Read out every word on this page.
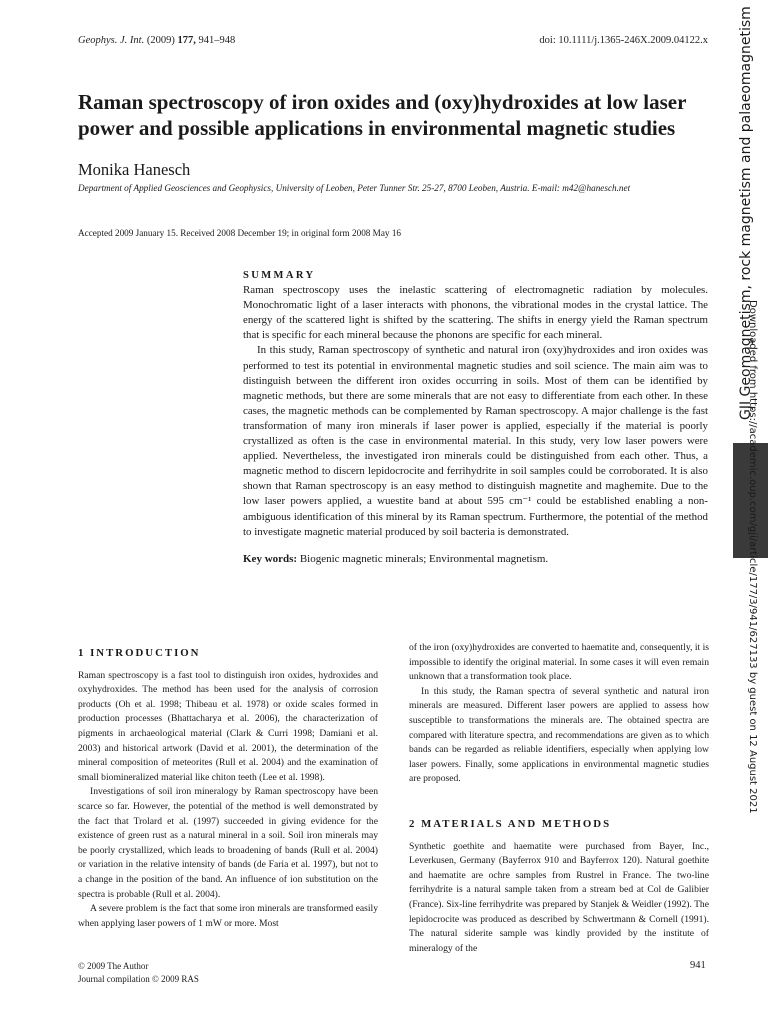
Geophys. J. Int. (2009) 177, 941–948	doi: 10.1111/j.1365-246X.2009.04122.x
Raman spectroscopy of iron oxides and (oxy)hydroxides at low laser power and possible applications in environmental magnetic studies
Monika Hanesch
Department of Applied Geosciences and Geophysics, University of Leoben, Peter Tunner Str. 25-27, 8700 Leoben, Austria. E-mail: m42@hanesch.net
Accepted 2009 January 15. Received 2008 December 19; in original form 2008 May 16
SUMMARY

Raman spectroscopy uses the inelastic scattering of electromagnetic radiation by molecules. Monochromatic light of a laser interacts with phonons, the vibrational modes in the crystal lattice. The energy of the scattered light is shifted by the scattering. The shifts in energy yield the Raman spectrum that is specific for each mineral because the phonons are specific for each mineral.

In this study, Raman spectroscopy of synthetic and natural iron (oxy)hydroxides and iron oxides was performed to test its potential in environmental magnetic studies and soil science. The main aim was to distinguish between the different iron oxides occurring in soils. Most of them can be identified by magnetic methods, but there are some minerals that are not easy to differentiate from each other. In these cases, the magnetic methods can be complemented by Raman spectroscopy. A major challenge is the fast transformation of many iron minerals if laser power is applied, especially if the material is poorly crystallized as often is the case in environmental material. In this study, very low laser powers were applied. Nevertheless, the investigated iron minerals could be distinguished from each other. Thus, a magnetic method to discern lepidocrocite and ferrihydrite in soil samples could be corroborated. It is also shown that Raman spectroscopy is an easy method to distinguish magnetite and maghemite. Due to the low laser powers applied, a wuestite band at about 595 cm⁻¹ could be established enabling a non-ambiguous identification of this mineral by its Raman spectrum. Furthermore, the potential of the method to investigate magnetic material produced by soil bacteria is demonstrated.

Key words: Biogenic magnetic minerals; Environmental magnetism.
1 INTRODUCTION

Raman spectroscopy is a fast tool to distinguish iron oxides, hydroxides and oxyhydroxides. The method has been used for the analysis of corrosion products (Oh et al. 1998; Thibeau et al. 1978) or oxide scales formed in production processes (Bhattacharya et al. 2006), the characterization of pigments in archaeological material (Clark & Curri 1998; Damiani et al. 2003) and historical artwork (David et al. 2001), the determination of the mineral composition of meteorites (Rull et al. 2004) and the examination of small biomineralized material like chiton teeth (Lee et al. 1998).

Investigations of soil iron mineralogy by Raman spectroscopy have been scarce so far. However, the potential of the method is well demonstrated by the fact that Trolard et al. (1997) succeeded in giving evidence for the existence of green rust as a natural mineral in a soil. Soil iron minerals may be poorly crystallized, which leads to broadening of bands (Rull et al. 2004) or variation in the relative intensity of bands (de Faria et al. 1997), but not to a change in the position of the band. An influence of ion substitution on the spectra is probable (Rull et al. 2004).

A severe problem is the fact that some iron minerals are transformed easily when applying laser powers of 1 mW or more. Most

of the iron (oxy)hydroxides are converted to haematite and, consequently, it is impossible to identify the original material. In some cases it will even remain unknown that a transformation took place.

In this study, the Raman spectra of several synthetic and natural iron minerals are measured. Different laser powers are applied to assess how susceptible to transformations the minerals are. The obtained spectra are compared with literature spectra, and recommendations are given as to which bands can be regarded as reliable identifiers, especially when applying low laser powers. Finally, some applications in environmental magnetic studies are proposed.

2 MATERIALS AND METHODS

Synthetic goethite and haematite were purchased from Bayer, Inc., Leverkusen, Germany (Bayferrox 910 and Bayferrox 120). Natural goethite and haematite are ochre samples from Rustrel in France. The two-line ferrihydrite is a natural sample taken from a stream bed at Col de Galibier (France). Six-line ferrihydrite was prepared by Stanjek & Weidler (1992). The lepidocrocite was produced as described by Schwertmann & Cornell (1991). The natural siderite sample was kindly provided by the institute of mineralogy of the

© 2009 The Author
Journal compilation © 2009 RAS
941
GJI Geomagnetism, rock magnetism and palaeomagnetism
Downloaded from https://academic.oup.com/gji/article/177/3/941/627133 by guest on 12 August 2021
